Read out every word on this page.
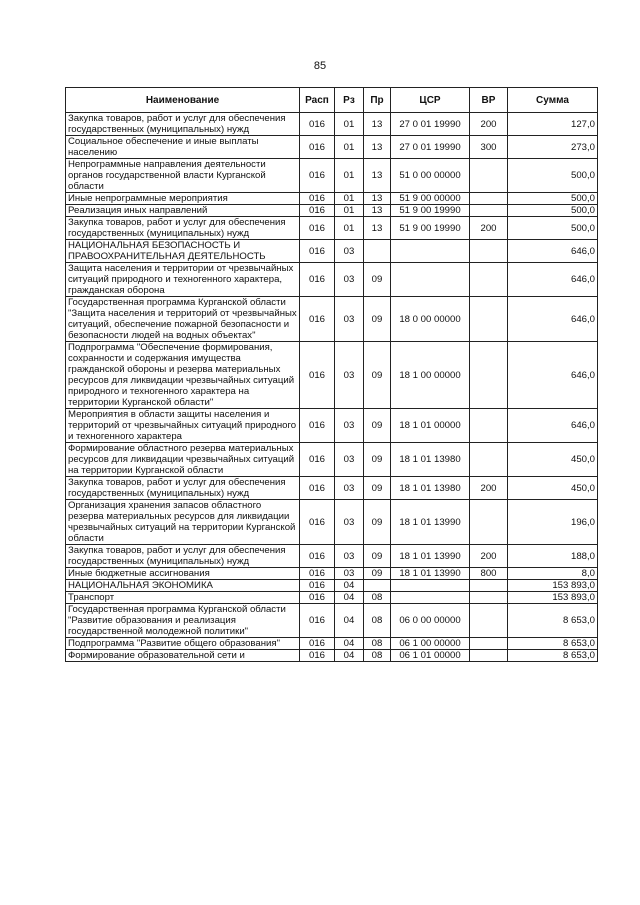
85
Наименование	Расп	Рз	Пр	ЦСР	ВР	Сумма
Закупка товаров, работ и услуг для обеспечения государственных (муниципальных) нужд	016	01	13	27 0 01 19990	200	127,0
Социальное обеспечение и иные выплаты населению	016	01	13	27 0 01 19990	300	273,0
Непрограммные направления деятельности органов государственной власти Курганской области	016	01	13	51 0 00 00000		500,0
Иные непрограммные мероприятия	016	01	13	51 9 00 00000		500,0
Реализация иных направлений	016	01	13	51 9 00 19990		500,0
Закупка товаров, работ и услуг для обеспечения государственных (муниципальных) нужд	016	01	13	51 9 00 19990	200	500,0
НАЦИОНАЛЬНАЯ БЕЗОПАСНОСТЬ И ПРАВООХРАНИТЕЛЬНАЯ ДЕЯТЕЛЬНОСТЬ	016	03				646,0
Защита населения и территории от чрезвычайных ситуаций природного и техногенного характера, гражданская оборона	016	03	09			646,0
Государственная программа Курганской области "Защита населения и территорий от чрезвычайных ситуаций, обеспечение пожарной безопасности и безопасности людей на водных объектах"	016	03	09	18 0 00 00000		646,0
Подпрограмма "Обеспечение формирования, сохранности и содержания имущества гражданской обороны и резерва материальных ресурсов для ликвидации чрезвычайных ситуаций природного и техногенного характера на территории Курганской области"	016	03	09	18 1 00 00000		646,0
Мероприятия в области защиты населения и территорий от чрезвычайных ситуаций природного и техногенного характера	016	03	09	18 1 01 00000		646,0
Формирование областного резерва материальных ресурсов для ликвидации чрезвычайных ситуаций на территории Курганской области	016	03	09	18 1 01 13980		450,0
Закупка товаров, работ и услуг для обеспечения государственных (муниципальных) нужд	016	03	09	18 1 01 13980	200	450,0
Организация хранения запасов областного резерва материальных ресурсов для ликвидации чрезвычайных ситуаций на территории Курганской области	016	03	09	18 1 01 13990		196,0
Закупка товаров, работ и услуг для обеспечения государственных (муниципальных) нужд	016	03	09	18 1 01 13990	200	188,0
Иные бюджетные ассигнования	016	03	09	18 1 01 13990	800	8,0
НАЦИОНАЛЬНАЯ ЭКОНОМИКА	016	04				153 893,0
Транспорт	016	04	08			153 893,0
Государственная программа Курганской области "Развитие образования и реализация государственной молодежной политики"	016	04	08	06 0 00 00000		8 653,0
Подпрограмма "Развитие общего образования"	016	04	08	06 1 00 00000		8 653,0
Формирование образовательной сети и	016	04	08	06 1 01 00000		8 653,0
